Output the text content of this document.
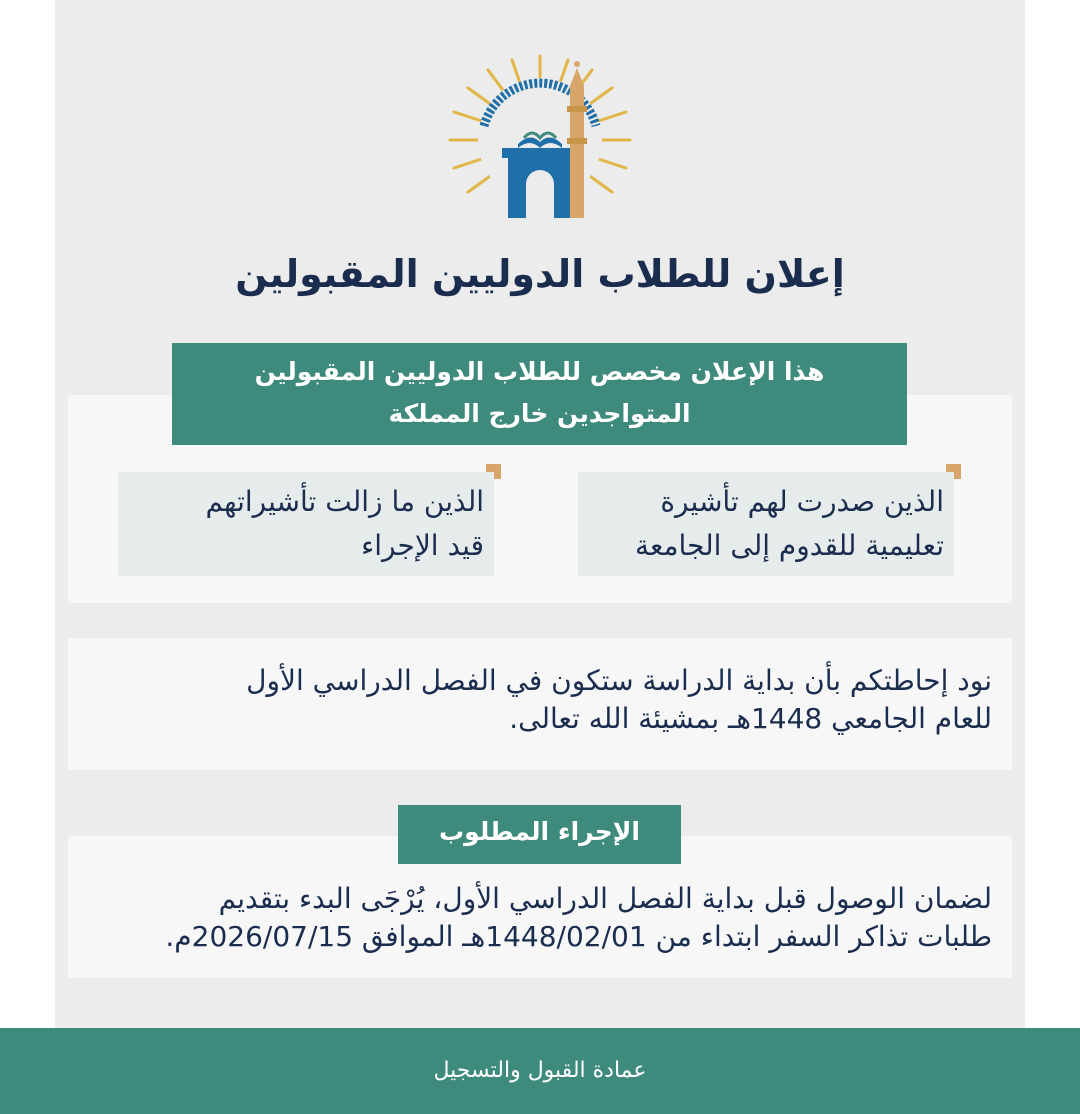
إعلان للطلاب الدوليين المقبولين
هذا الإعلان مخصص للطلاب الدوليين المقبولين
المتواجدين خارج المملكة
الذين صدرت لهم تأشيرة
تعليمية للقدوم إلى الجامعة
الذين ما زالت تأشيراتهم
قيد الإجراء
نود إحاطتكم بأن بداية الدراسة ستكون في الفصل الدراسي الأول
للعام الجامعي 1448هـ بمشيئة الله تعالى.
الإجراء المطلوب
لضمان الوصول قبل بداية الفصل الدراسي الأول، يُرْجَى البدء بتقديم
طلبات تذاكر السفر ابتداء من 1448/02/01هـ الموافق 2026/07/15م.
عمادة القبول والتسجيل
